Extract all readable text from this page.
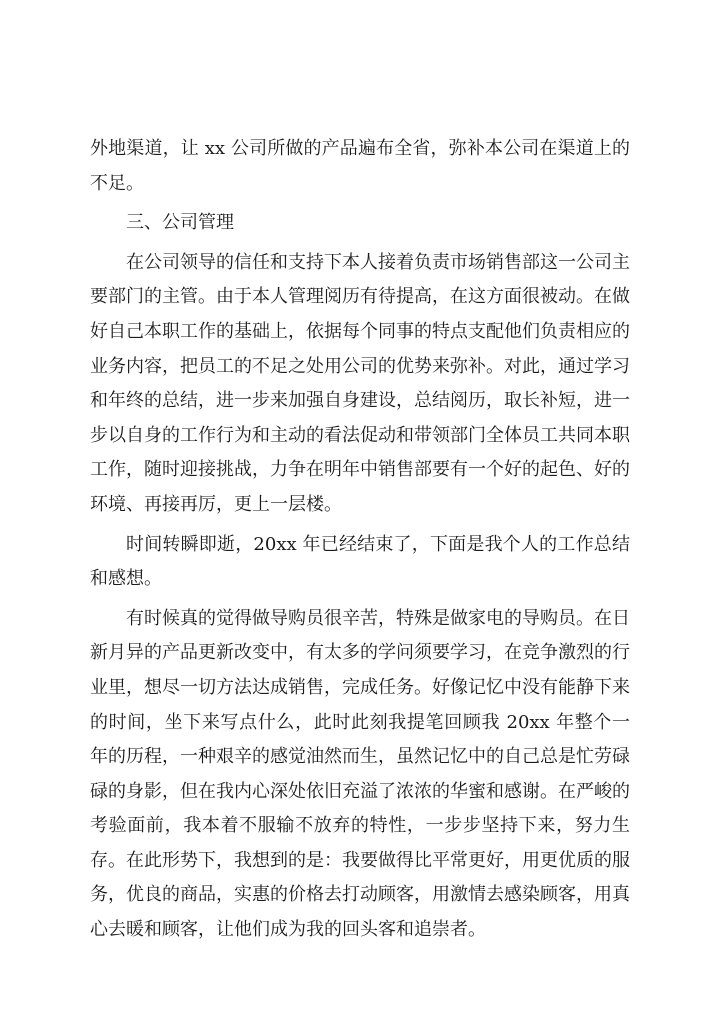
外地渠道，让 xx 公司所做的产品遍布全省，弥补本公司在渠道上的不足。

三、公司管理

在公司领导的信任和支持下本人接着负责市场销售部这一公司主要部门的主管。由于本人管理阅历有待提高，在这方面很被动。在做好自己本职工作的基础上，依据每个同事的特点支配他们负责相应的业务内容，把员工的不足之处用公司的优势来弥补。对此，通过学习和年终的总结，进一步来加强自身建设，总结阅历，取长补短，进一步以自身的工作行为和主动的看法促动和带领部门全体员工共同本职工作，随时迎接挑战，力争在明年中销售部要有一个好的起色、好的环境、再接再厉，更上一层楼。

时间转瞬即逝，20xx 年已经结束了，下面是我个人的工作总结和感想。

有时候真的觉得做导购员很辛苦，特殊是做家电的导购员。在日新月异的产品更新改变中，有太多的学问须要学习，在竞争激烈的行业里，想尽一切方法达成销售，完成任务。好像记忆中没有能静下来的时间，坐下来写点什么，此时此刻我提笔回顾我 20xx 年整个一年的历程，一种艰辛的感觉油然而生，虽然记忆中的自己总是忙劳碌碌的身影，但在我内心深处依旧充溢了浓浓的华蜜和感谢。在严峻的考验面前，我本着不服输不放弃的特性，一步步坚持下来，努力生存。在此形势下，我想到的是：我要做得比平常更好，用更优质的服务，优良的商品，实惠的价格去打动顾客，用激情去感染顾客，用真心去暖和顾客，让他们成为我的回头客和追崇者。
